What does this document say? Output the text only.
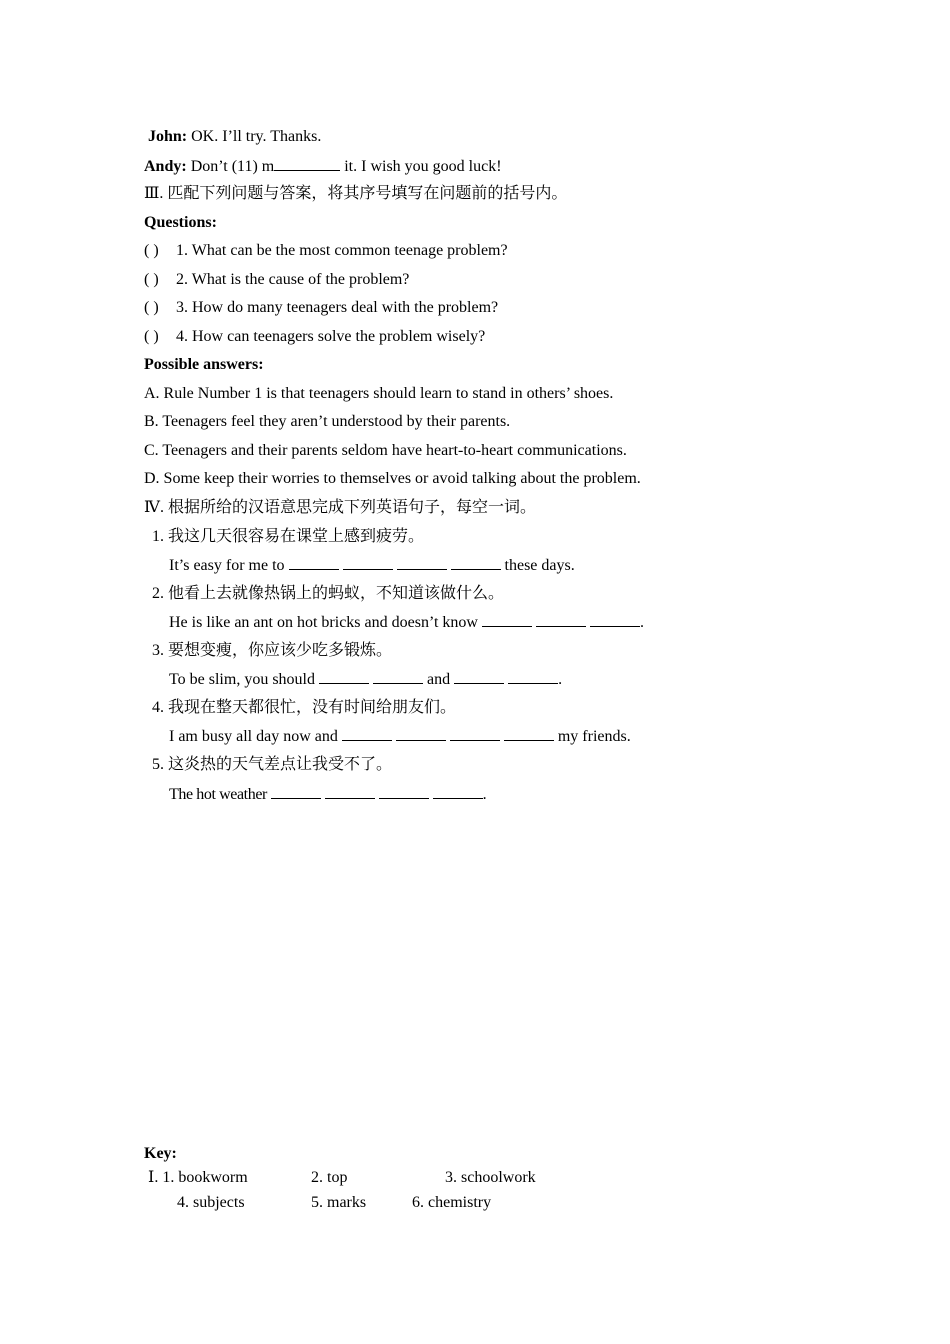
John: OK. I’ll try. Thanks.
Andy: Don’t (11) m	it. I wish you good luck!
Ⅲ. 匹配下列问题与答案，将其序号填写在问题前的括号内。
Questions:
( ) 1. What can be the most common teenage problem?
( ) 2. What is the cause of the problem?
( ) 3. How do many teenagers deal with the problem?
( ) 4. How can teenagers solve the problem wisely?
Possible answers:
A. Rule Number 1 is that teenagers should learn to stand in others’ shoes.
B. Teenagers feel they aren’t understood by their parents.
C. Teenagers and their parents seldom have heart-to-heart communications.
D. Some keep their worries to themselves or avoid talking about the problem.
Ⅳ. 根据所给的汉语意思完成下列英语句子，每空一词。
1. 我这几天很容易在课堂上感到疲劳。
It’s easy for me to	these days.
2. 他看上去就像热锅上的蚂蚁，不知道该做什么。
He is like an ant on hot bricks and doesn’t know	.
3. 要想变瘦，你应该少吃多锻炼。
To be slim, you should	and	.
4. 我现在整天都很忙，没有时间给朋友们。
I am busy all day now and	my friends.
5. 这炎热的天气差点让我受不了。
The hot weather	.
Key:
Ⅰ. 1. bookworm	2. top	3. schoolwork
4. subjects	5. marks	6. chemistry
